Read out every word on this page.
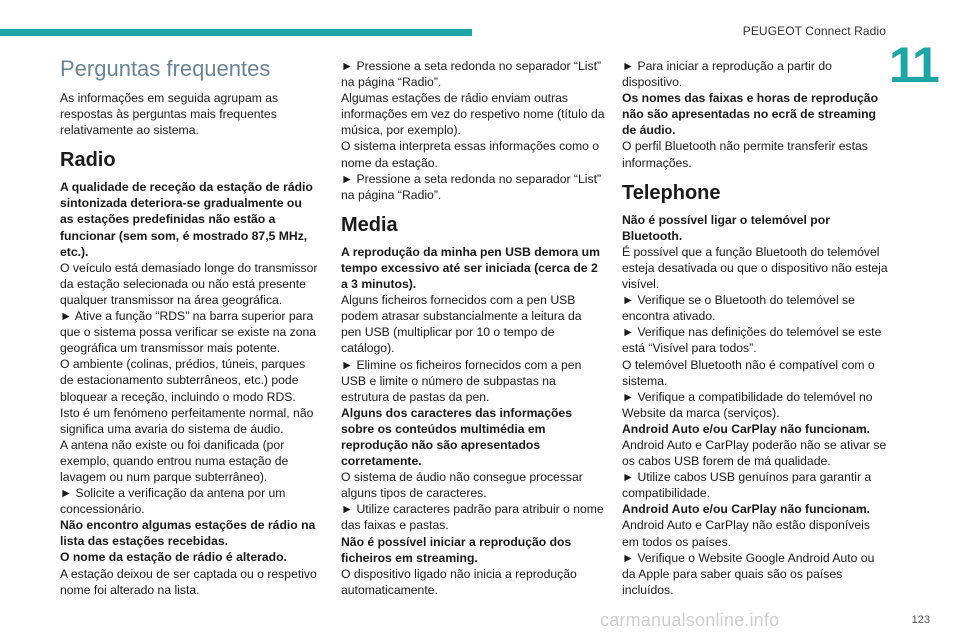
PEUGEOT Connect Radio
11
Perguntas frequentes

As informações em seguida agrupam as respostas às perguntas mais frequentes relativamente ao sistema.

Radio

A qualidade de receção da estação de rádio sintonizada deteriora-se gradualmente ou as estações predefinidas não estão a funcionar (sem som, é mostrado 87,5 MHz, etc.).

O veículo está demasiado longe do transmissor da estação selecionada ou não está presente qualquer transmissor na área geográfica.

► Ative a função “RDS” na barra superior para que o sistema possa verificar se existe na zona geográfica um transmissor mais potente.

O ambiente (colinas, prédios, túneis, parques de estacionamento subterrâneos, etc.) pode bloquear a receção, incluindo o modo RDS.

Isto é um fenómeno perfeitamente normal, não significa uma avaria do sistema de áudio.

A antena não existe ou foi danificada (por exemplo, quando entrou numa estação de lavagem ou num parque subterrâneo).

► Solicite a verificação da antena por um concessionário.

Não encontro algumas estações de rádio na lista das estações recebidas.

O nome da estação de rádio é alterado.

A estação deixou de ser captada ou o respetivo nome foi alterado na lista.

► Pressione a seta redonda no separador “List” na página “Radio”.

Algumas estações de rádio enviam outras informações em vez do respetivo nome (título da música, por exemplo).

O sistema interpreta essas informações como o nome da estação.

► Pressione a seta redonda no separador “List” na página “Radio”.

Media

A reprodução da minha pen USB demora um tempo excessivo até ser iniciada (cerca de 2 a 3 minutos).

Alguns ficheiros fornecidos com a pen USB podem atrasar substancialmente a leitura da pen USB (multiplicar por 10 o tempo de catálogo).

► Elimine os ficheiros fornecidos com a pen USB e limite o número de subpastas na estrutura de pastas da pen.

Alguns dos caracteres das informações sobre os conteúdos multimédia em reprodução não são apresentados corretamente.

O sistema de áudio não consegue processar alguns tipos de caracteres.

► Utilize caracteres padrão para atribuir o nome das faixas e pastas.

Não é possível iniciar a reprodução dos ficheiros em streaming.

O dispositivo ligado não inicia a reprodução automaticamente.

► Para iniciar a reprodução a partir do dispositivo.

Os nomes das faixas e horas de reprodução não são apresentadas no ecrã de streaming de áudio.

O perfil Bluetooth não permite transferir estas informações.

Telephone

Não é possível ligar o telemóvel por Bluetooth.

É possível que a função Bluetooth do telemóvel esteja desativada ou que o dispositivo não esteja visível.

► Verifique se o Bluetooth do telemóvel se encontra ativado.

► Verifique nas definições do telemóvel se este está “Visível para todos”.

O telemóvel Bluetooth não é compatível com o sistema.

► Verifique a compatibilidade do telemóvel no Website da marca (serviços).

Android Auto e/ou CarPlay não funcionam.

Android Auto e CarPlay poderão não se ativar se os cabos USB forem de má qualidade.

► Utilize cabos USB genuínos para garantir a compatibilidade.

Android Auto e/ou CarPlay não funcionam.

Android Auto e CarPlay não estão disponíveis em todos os países.

► Verifique o Website Google Android Auto ou da Apple para saber quais são os países incluídos.

carmanualsonline.info	123
